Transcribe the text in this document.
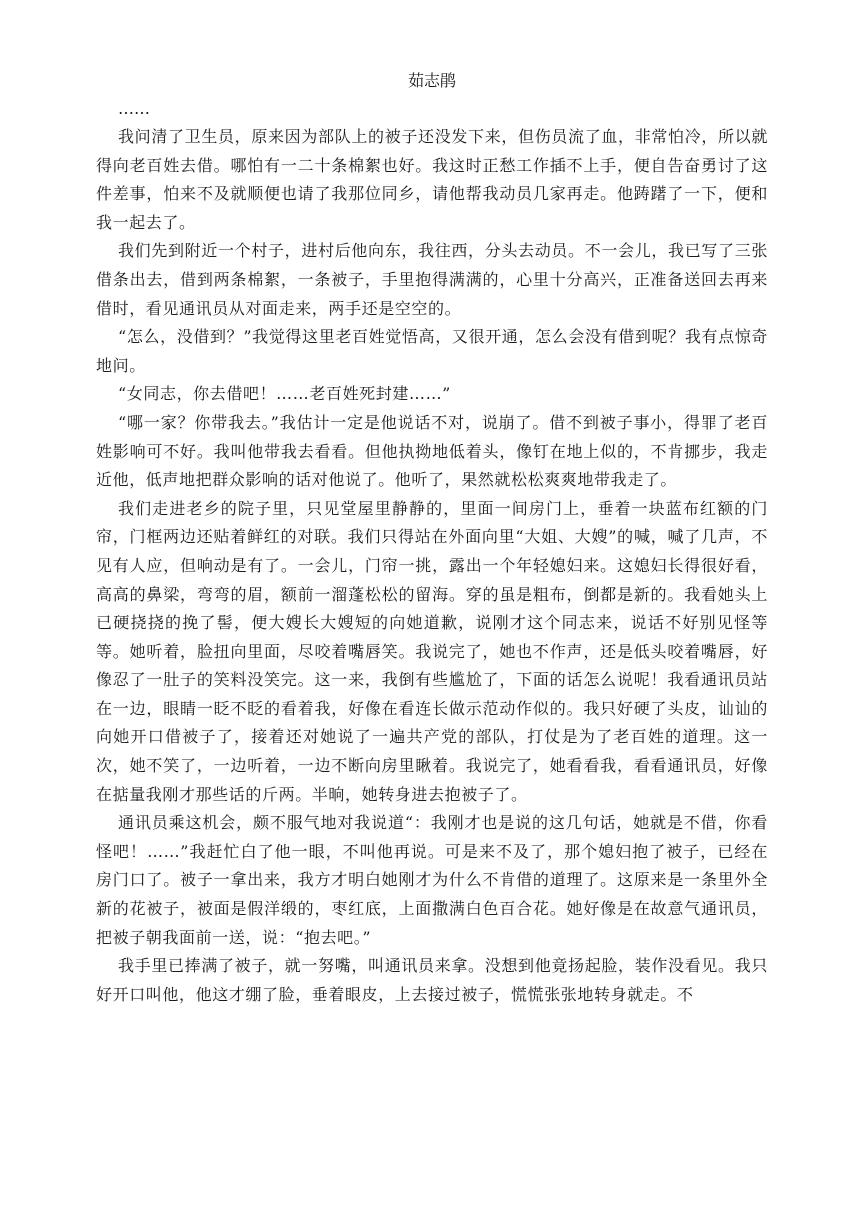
茹志鹃

……

我问清了卫生员，原来因为部队上的被子还没发下来，但伤员流了血，非常怕冷，所以就得向老百姓去借。哪怕有一二十条棉絮也好。我这时正愁工作插不上手，便自告奋勇讨了这件差事，怕来不及就顺便也请了我那位同乡，请他帮我动员几家再走。他踌躇了一下，便和我一起去了。

我们先到附近一个村子，进村后他向东，我往西，分头去动员。不一会儿，我已写了三张借条出去，借到两条棉絮，一条被子，手里抱得满满的，心里十分高兴，正准备送回去再来借时，看见通讯员从对面走来，两手还是空空的。

“怎么，没借到？”我觉得这里老百姓觉悟高，又很开通，怎么会没有借到呢？我有点惊奇地问。

“女同志，你去借吧！……老百姓死封建……”

“哪一家？你带我去。”我估计一定是他说话不对，说崩了。借不到被子事小，得罪了老百姓影响可不好。我叫他带我去看看。但他执拗地低着头，像钉在地上似的，不肯挪步，我走近他，低声地把群众影响的话对他说了。他听了，果然就松松爽爽地带我走了。

我们走进老乡的院子里，只见堂屋里静静的，里面一间房门上，垂着一块蓝布红额的门帘，门框两边还贴着鲜红的对联。我们只得站在外面向里“大姐、大嫂”的喊，喊了几声，不见有人应，但响动是有了。一会儿，门帘一挑，露出一个年轻媳妇来。这媳妇长得很好看，高高的鼻梁，弯弯的眉，额前一溜蓬松松的留海。穿的虽是粗布，倒都是新的。我看她头上已硬挠挠的挽了髻，便大嫂长大嫂短的向她道歉，说刚才这个同志来，说话不好别见怪等等。她听着，脸扭向里面，尽咬着嘴唇笑。我说完了，她也不作声，还是低头咬着嘴唇，好像忍了一肚子的笑料没笑完。这一来，我倒有些尴尬了，下面的话怎么说呢！我看通讯员站在一边，眼睛一眨不眨的看着我，好像在看连长做示范动作似的。我只好硬了头皮，讪讪的向她开口借被子了，接着还对她说了一遍共产党的部队，打仗是为了老百姓的道理。这一次，她不笑了，一边听着，一边不断向房里瞅着。我说完了，她看看我，看看通讯员，好像在掂量我刚才那些话的斤两。半晌，她转身进去抱被子了。

通讯员乘这机会，颇不服气地对我说道“：我刚才也是说的这几句话，她就是不借，你看怪吧！……”我赶忙白了他一眼，不叫他再说。可是来不及了，那个媳妇抱了被子，已经在房门口了。被子一拿出来，我方才明白她刚才为什么不肯借的道理了。这原来是一条里外全新的花被子，被面是假洋缎的，枣红底，上面撒满白色百合花。她好像是在故意气通讯员，把被子朝我面前一送，说：“抱去吧。”

我手里已捧满了被子，就一努嘴，叫通讯员来拿。没想到他竟扬起脸，装作没看见。我只好开口叫他，他这才绷了脸，垂着眼皮，上去接过被子，慌慌张张地转身就走。不
